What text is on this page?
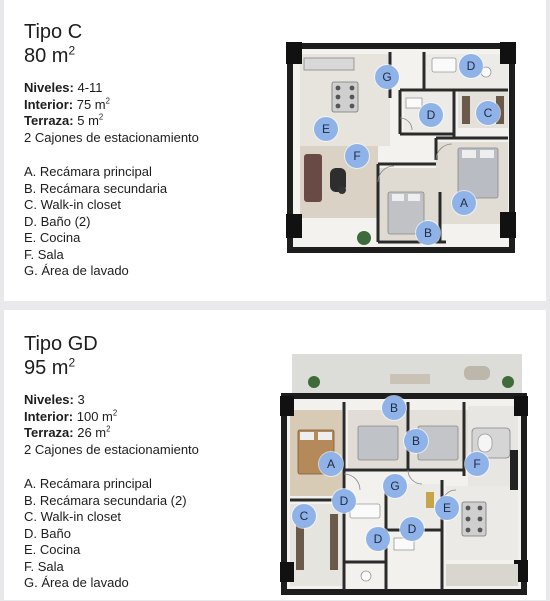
Tipo C

80 $m^2$

Niveles: 4-11
Interior: 75 $m^2$
Terraza: 5 $m^2$
2 Cajones de estacionamiento
A. Recámara principal
B. Recámara secundaria
C. Walk-in closet
D. Baño (2)
E. Cocina
F. Sala
G. Área de lavado
G
D
D	C
E
F
A
B

Tipo GD

95 $m^2$

Niveles: 3
Interior: 100 $m^2$
Terraza: 26 $m^2$
2 Cajones de estacionamiento
A. Recámara principal
B. Recámara secundaria (2)
C. Walk-in closet
D. Baño
E. Cocina
F. Sala
G. Área de lavado
B
B
A	F
G
D
C
E
D
D
